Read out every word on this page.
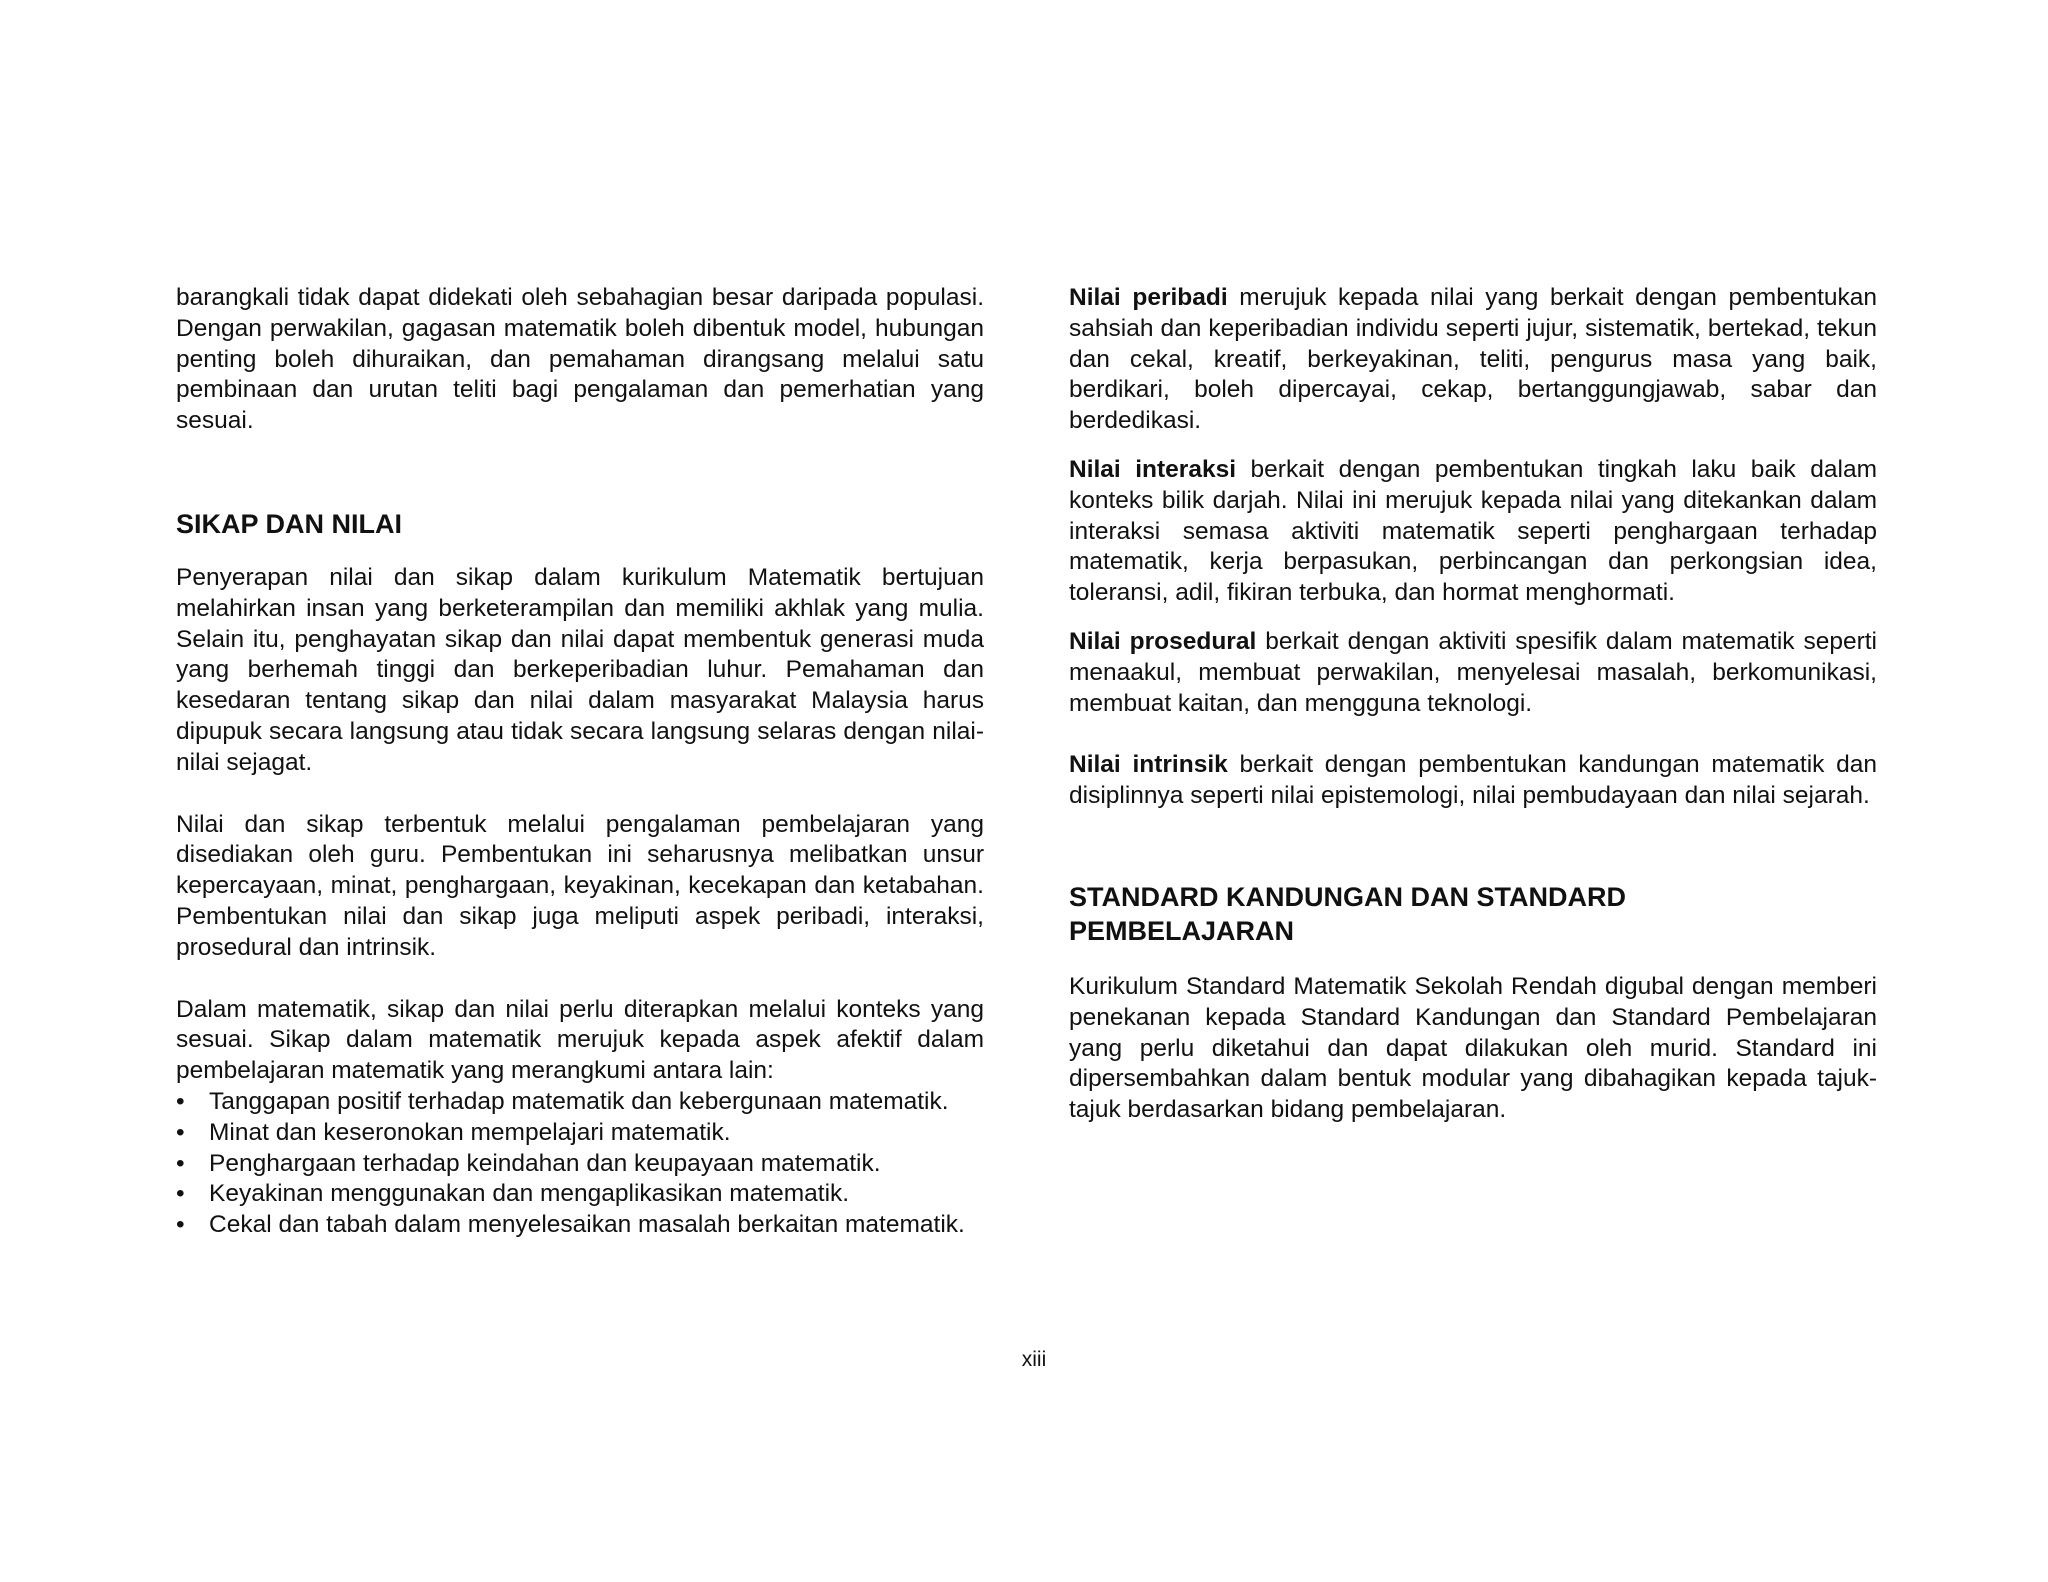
barangkali tidak dapat didekati oleh sebahagian besar daripada populasi. Dengan perwakilan, gagasan matematik boleh dibentuk model, hubungan penting boleh dihuraikan, dan pemahaman dirangsang melalui satu pembinaan dan urutan teliti bagi pengalaman dan pemerhatian yang sesuai.

SIKAP DAN NILAI

Penyerapan nilai dan sikap dalam kurikulum Matematik bertujuan melahirkan insan yang berketerampilan dan memiliki akhlak yang mulia. Selain itu, penghayatan sikap dan nilai dapat membentuk generasi muda yang berhemah tinggi dan berkeperibadian luhur. Pemahaman dan kesedaran tentang sikap dan nilai dalam masyarakat Malaysia harus dipupuk secara langsung atau tidak secara langsung selaras dengan nilai-nilai sejagat.

Nilai dan sikap terbentuk melalui pengalaman pembelajaran yang disediakan oleh guru. Pembentukan ini seharusnya melibatkan unsur kepercayaan, minat, penghargaan, keyakinan, kecekapan dan ketabahan. Pembentukan nilai dan sikap juga meliputi aspek peribadi, interaksi, prosedural dan intrinsik.

Dalam matematik, sikap dan nilai perlu diterapkan melalui konteks yang sesuai. Sikap dalam matematik merujuk kepada aspek afektif dalam pembelajaran matematik yang merangkumi antara lain:

• Tanggapan positif terhadap matematik dan kebergunaan matematik.
• Minat dan keseronokan mempelajari matematik.
• Penghargaan terhadap keindahan dan keupayaan matematik.
• Keyakinan menggunakan dan mengaplikasikan matematik.
• Cekal dan tabah dalam menyelesaikan masalah berkaitan matematik.

Nilai peribadi merujuk kepada nilai yang berkait dengan pembentukan sahsiah dan keperibadian individu seperti jujur, sistematik, bertekad, tekun dan cekal, kreatif, berkeyakinan, teliti, pengurus masa yang baik, berdikari, boleh dipercayai, cekap, bertanggungjawab, sabar dan berdedikasi.

Nilai interaksi berkait dengan pembentukan tingkah laku baik dalam konteks bilik darjah. Nilai ini merujuk kepada nilai yang ditekankan dalam interaksi semasa aktiviti matematik seperti penghargaan terhadap matematik, kerja berpasukan, perbincangan dan perkongsian idea, toleransi, adil, fikiran terbuka, dan hormat menghormati.

Nilai prosedural berkait dengan aktiviti spesifik dalam matematik seperti menaakul, membuat perwakilan, menyelesai masalah, berkomunikasi, membuat kaitan, dan mengguna teknologi.

Nilai intrinsik berkait dengan pembentukan kandungan matematik dan disiplinnya seperti nilai epistemologi, nilai pembudayaan dan nilai sejarah.

STANDARD KANDUNGAN DAN STANDARD
PEMBELAJARAN

Kurikulum Standard Matematik Sekolah Rendah digubal dengan memberi penekanan kepada Standard Kandungan dan Standard Pembelajaran yang perlu diketahui dan dapat dilakukan oleh murid. Standard ini dipersembahkan dalam bentuk modular yang dibahagikan kepada tajuk-tajuk berdasarkan bidang pembelajaran.

xiii
